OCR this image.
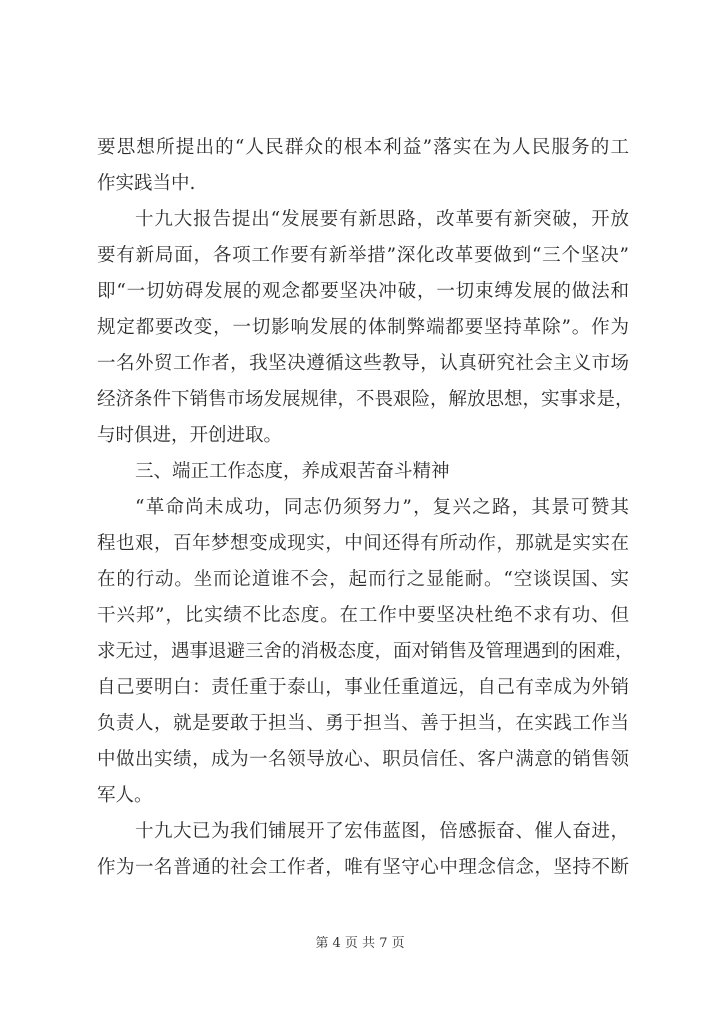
要思想所提出的“人民群众的根本利益”落实在为人民服务的工
作实践当中.
十九大报告提出“发展要有新思路，改革要有新突破，开放
要有新局面，各项工作要有新举措”深化改革要做到“三个坚决”
即“一切妨碍发展的观念都要坚决冲破，一切束缚发展的做法和
规定都要改变，一切影响发展的体制弊端都要坚持革除”。作为
一名外贸工作者，我坚决遵循这些教导，认真研究社会主义市场
经济条件下销售市场发展规律，不畏艰险，解放思想，实事求是，
与时俱进，开创进取。
三、端正工作态度，养成艰苦奋斗精神
“革命尚未成功，同志仍须努力”，复兴之路，其景可赞其
程也艰，百年梦想变成现实，中间还得有所动作，那就是实实在
在的行动。坐而论道谁不会，起而行之显能耐。“空谈误国、实
干兴邦”，比实绩不比态度。在工作中要坚决杜绝不求有功、但
求无过，遇事退避三舍的消极态度，面对销售及管理遇到的困难，
自己要明白：责任重于泰山，事业任重道远，自己有幸成为外销
负责人，就是要敢于担当、勇于担当、善于担当，在实践工作当
中做出实绩，成为一名领导放心、职员信任、客户满意的销售领
军人。
十九大已为我们铺展开了宏伟蓝图，倍感振奋、催人奋进，
作为一名普通的社会工作者，唯有坚守心中理念信念，坚持不断
第 4 页 共 7 页
